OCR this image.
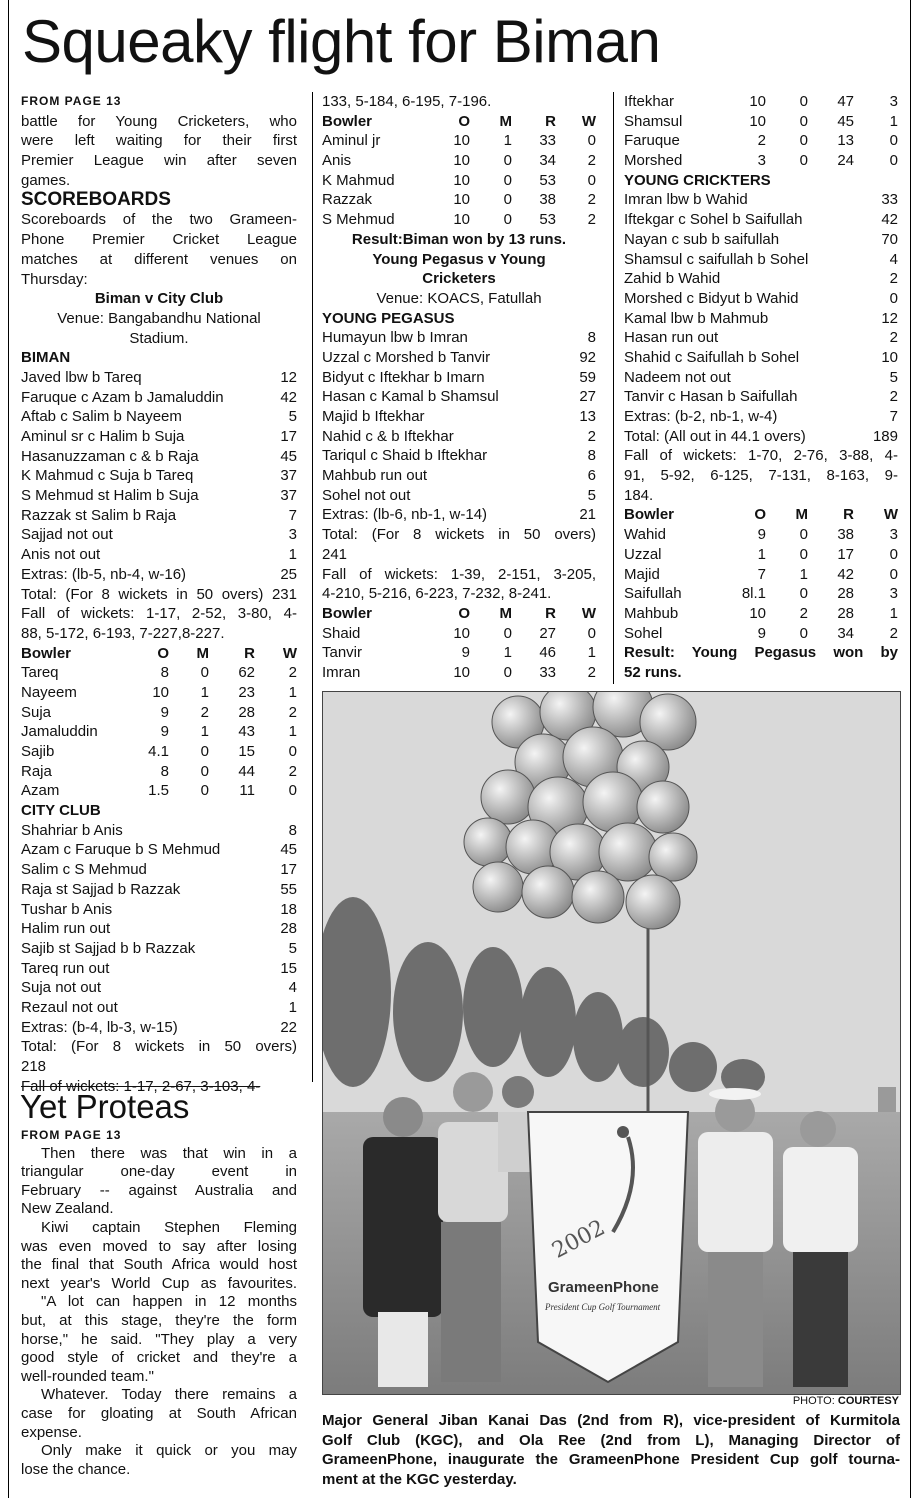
Squeaky flight for Biman
FROM PAGE 13
battle for Young Cricketers, who
were left waiting for their first
Premier League win after seven
games.
SCOREBOARDS
Scoreboards of the two Grameen-
Phone Premier Cricket League
matches at different venues on
Thursday:
Biman v City Club
Venue: Bangabandhu National
Stadium.
BIMAN
Javed lbw b Tareq	12
Faruque c Azam b Jamaluddin	42
Aftab c Salim b Nayeem	5
Aminul sr c Halim b Suja	17
Hasanuzzaman c & b Raja	45
K Mahmud c Suja b Tareq	37
S Mehmud st Halim b Suja	37
Razzak st Salim b Raja	7
Sajjad not out	3
Anis not out	1
Extras: (lb-5, nb-4, w-16)	25
Total: (For 8 wickets in 50 overs) 231
Fall of wickets: 1-17, 2-52, 3-80, 4-
88, 5-172, 6-193, 7-227,8-227.
Bowler	O	M	R	W
Tareq	8	0	62	2
Nayeem	10	1	23	1
Suja	9	2	28	2
Jamaluddin	9	1	43	1
Sajib	4.1	0	15	0
Raja	8	0	44	2
Azam	1.5	0	11	0
CITY CLUB
Shahriar b Anis	8
Azam c Faruque b S Mehmud	45
Salim c S Mehmud	17
Raja st Sajjad b Razzak	55
Tushar b Anis	18
Halim run out	28
Sajib st Sajjad b b Razzak	5
Tareq run out	15
Suja not out	4
Rezaul not out	1
Extras: (b-4, lb-3, w-15)	22
Total: (For 8 wickets in 50 overs)
218
Fall of wickets: 1-17, 2-67, 3-103, 4-
Yet Proteas
FROM PAGE 13
Then there was that win in a
triangular one-day event in
February -- against Australia and
New Zealand.
Kiwi captain Stephen Fleming
was even moved to say after losing
the final that South Africa would host
next year's World Cup as favourites.
"A lot can happen in 12 months
but, at this stage, they're the form
horse," he said. "They play a very
good style of cricket and they're a
well-rounded team."
Whatever. Today there remains a
case for gloating at South African
expense.
Only make it quick or you may
lose the chance.
133, 5-184, 6-195, 7-196.
Bowler	O	M	R	W
Aminul jr	10	1	33	0
Anis	10	0	34	2
K Mahmud	10	0	53	0
Razzak	10	0	38	2
S Mehmud	10	0	53	2
Result:Biman won by 13 runs.
Young Pegasus v Young
Cricketers
Venue: KOACS, Fatullah
YOUNG PEGASUS
Humayun lbw b Imran	8
Uzzal c Morshed b Tanvir	92
Bidyut c Iftekhar b Imarn	59
Hasan c Kamal b Shamsul	27
Majid b Iftekhar	13
Nahid c & b Iftekhar	2
Tariqul c Shaid b Iftekhar	8
Mahbub run out	6
Sohel not out	5
Extras: (lb-6, nb-1, w-14)	21
Total: (For 8 wickets in 50 overs)
241
Fall of wickets: 1-39, 2-151, 3-205,
4-210, 5-216, 6-223, 7-232, 8-241.
Bowler	O	M	R	W
Shaid	10	0	27	0
Tanvir	9	1	46	1
Imran	10	0	33	2
Iftekhar	10	0	47	3
Shamsul	10	0	45	1
Faruque	2	0	13	0
Morshed	3	0	24	0
YOUNG CRICKTERS
Imran lbw b Wahid	33
Iftekgar c Sohel b Saifullah	42
Nayan c sub b saifullah	70
Shamsul c saifullah b Sohel	4
Zahid b Wahid	2
Morshed c Bidyut b Wahid	0
Kamal lbw b Mahmub	12
Hasan run out	2
Shahid c Saifullah b Sohel	10
Nadeem not out	5
Tanvir c Hasan b Saifullah	2
Extras: (b-2, nb-1, w-4)	7
Total: (All out in 44.1 overs)	189
Fall of wickets: 1-70, 2-76, 3-88, 4-
91, 5-92, 6-125, 7-131, 8-163, 9-
184.
Bowler	O	M	R	W
Wahid	9	0	38	3
Uzzal	1	0	17	0
Majid	7	1	42	0
Saifullah	8l.1	0	28	3
Mahbub	10	2	28	1
Sohel	9	0	34	2
Result: Young Pegasus won by
52 runs.
2002
GrameenPhone
President Cup Golf Tournament
PHOTO: COURTESY
Major General Jiban Kanai Das (2nd from R), vice-president of Kurmitola
Golf Club (KGC), and Ola Ree (2nd from L), Managing Director of
GrameenPhone, inaugurate the GrameenPhone President Cup golf tourna-
ment at the KGC yesterday.
